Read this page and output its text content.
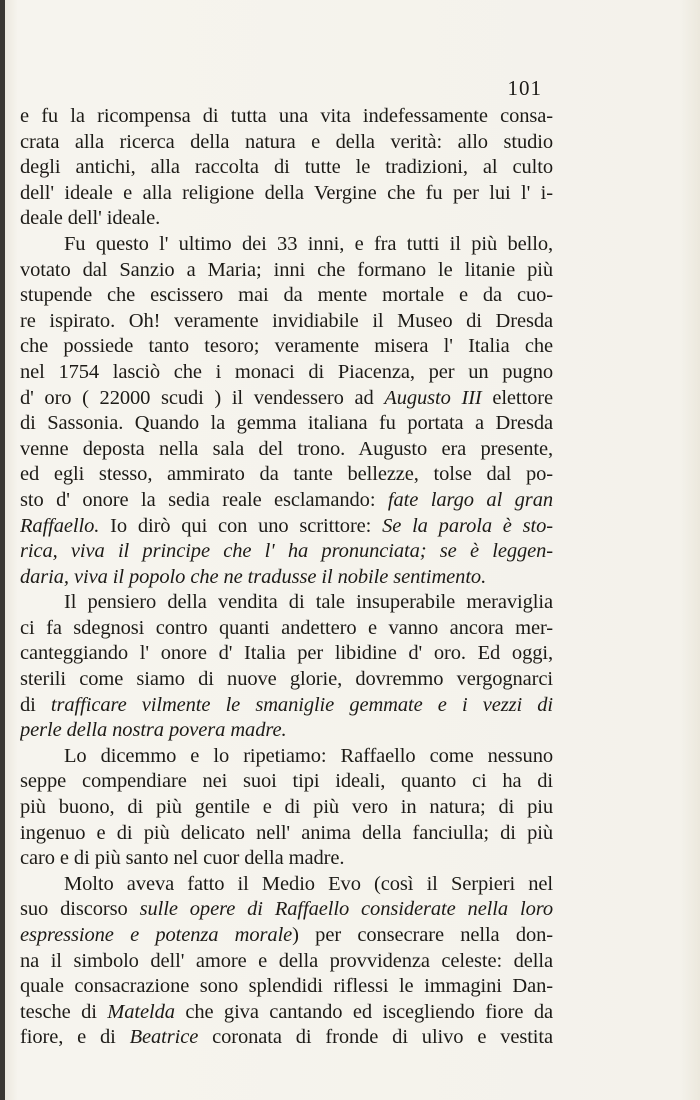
101
e fu la ricompensa di tutta una vita indefessamente consa-
crata alla ricerca della natura e della verità: allo studio
degli antichi, alla raccolta di tutte le tradizioni, al culto
dell' ideale e alla religione della Vergine che fu per lui l' i-
deale dell' ideale.
Fu questo l' ultimo dei 33 inni, e fra tutti il più bello,
votato dal Sanzio a Maria; inni che formano le litanie più
stupende che escissero mai da mente mortale e da cuo-
re ispirato. Oh! veramente invidiabile il Museo di Dresda
che possiede tanto tesoro; veramente misera l' Italia che
nel 1754 lasciò che i monaci di Piacenza, per un pugno
d' oro ( 22000 scudi ) il vendessero ad Augusto III elettore
di Sassonia. Quando la gemma italiana fu portata a Dresda
venne deposta nella sala del trono. Augusto era presente,
ed egli stesso, ammirato da tante bellezze, tolse dal po-
sto d' onore la sedia reale esclamando: fate largo al gran
Raffaello. Io dirò qui con uno scrittore: Se la parola è sto-
rica, viva il principe che l' ha pronunciata; se è leggen-
daria, viva il popolo che ne tradusse il nobile sentimento.
Il pensiero della vendita di tale insuperabile meraviglia
ci fa sdegnosi contro quanti andettero e vanno ancora mer-
canteggiando l' onore d' Italia per libidine d' oro. Ed oggi,
sterili come siamo di nuove glorie, dovremmo vergognarci
di trafficare vilmente le smaniglie gemmate e i vezzi di
perle della nostra povera madre.
Lo dicemmo e lo ripetiamo: Raffaello come nessuno
seppe compendiare nei suoi tipi ideali, quanto ci ha di
più buono, di più gentile e di più vero in natura; di piu
ingenuo e di più delicato nell' anima della fanciulla; di più
caro e di più santo nel cuor della madre.
Molto aveva fatto il Medio Evo (così il Serpieri nel
suo discorso sulle opere di Raffaello considerate nella loro
espressione e potenza morale) per consecrare nella don-
na il simbolo dell' amore e della provvidenza celeste: della
quale consacrazione sono splendidi riflessi le immagini Dan-
tesche di Matelda che giva cantando ed iscegliendo fiore da
fiore, e di Beatrice coronata di fronde di ulivo e vestita
